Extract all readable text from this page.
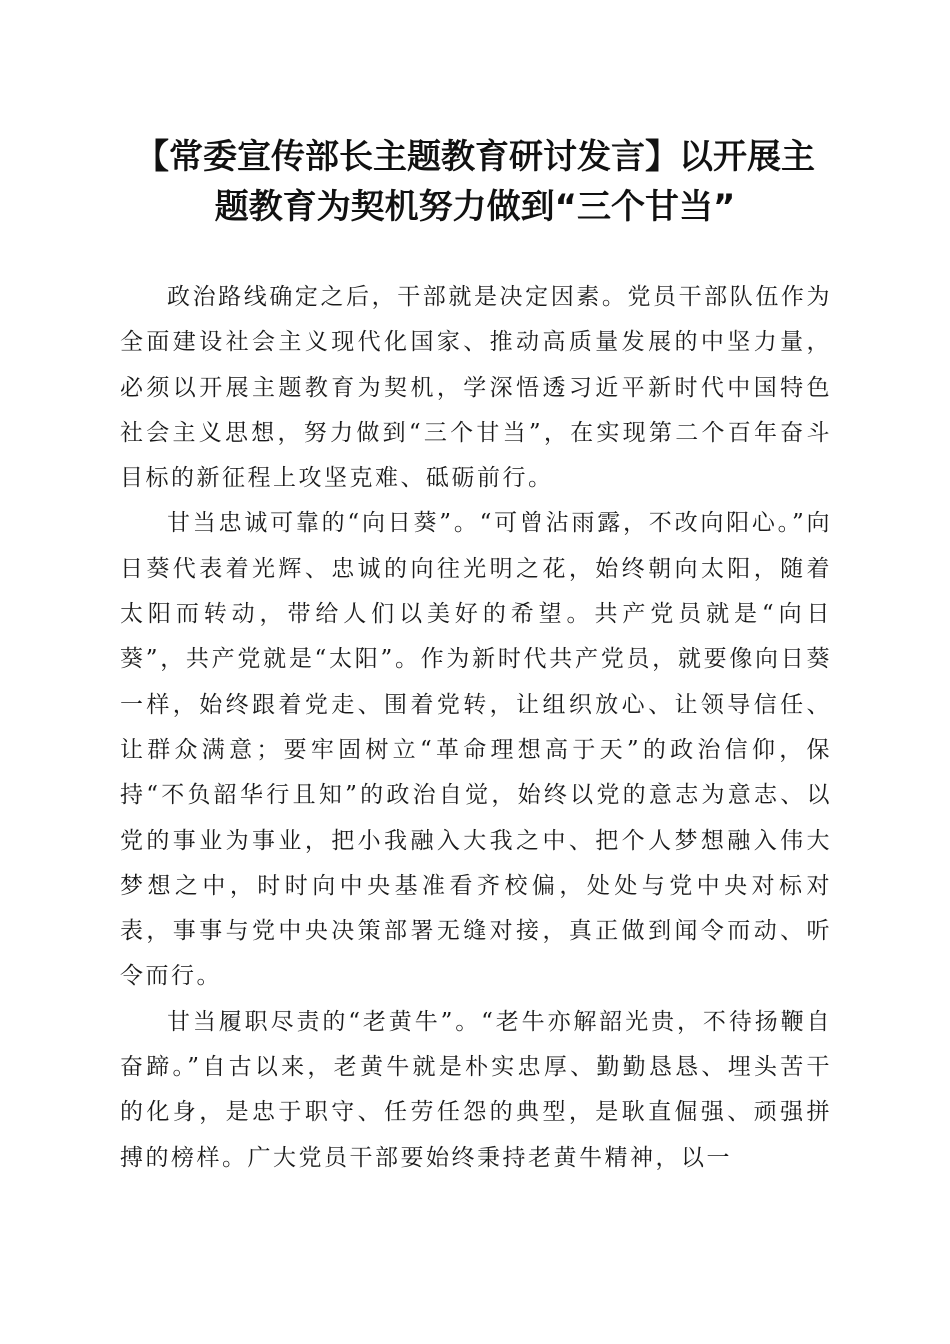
【常委宣传部长主题教育研讨发言】以开展主
题教育为契机努力做到“三个甘当”

政治路线确定之后，干部就是决定因素。党员干部队伍作为全面建设社会主义现代化国家、推动高质量发展的中坚力量，必须以开展主题教育为契机，学深悟透习近平新时代中国特色社会主义思想，努力做到“三个甘当”，在实现第二个百年奋斗目标的新征程上攻坚克难、砥砺前行。

甘当忠诚可靠的“向日葵”。“可曾沾雨露，不改向阳心。”向日葵代表着光辉、忠诚的向往光明之花，始终朝向太阳，随着太阳而转动，带给人们以美好的希望。共产党员就是“向日葵”，共产党就是“太阳”。作为新时代共产党员，就要像向日葵一样，始终跟着党走、围着党转，让组织放心、让领导信任、让群众满意；要牢固树立“革命理想高于天”的政治信仰，保持“不负韶华行且知”的政治自觉，始终以党的意志为意志、以党的事业为事业，把小我融入大我之中、把个人梦想融入伟大梦想之中，时时向中央基准看齐校偏，处处与党中央对标对表，事事与党中央决策部署无缝对接，真正做到闻令而动、听令而行。

甘当履职尽责的“老黄牛”。“老牛亦解韶光贵，不待扬鞭自奋蹄。”自古以来，老黄牛就是朴实忠厚、勤勤恳恳、埋头苦干的化身，是忠于职守、任劳任怨的典型，是耿直倔强、顽强拼搏的榜样。广大党员干部要始终秉持老黄牛精神，以一
